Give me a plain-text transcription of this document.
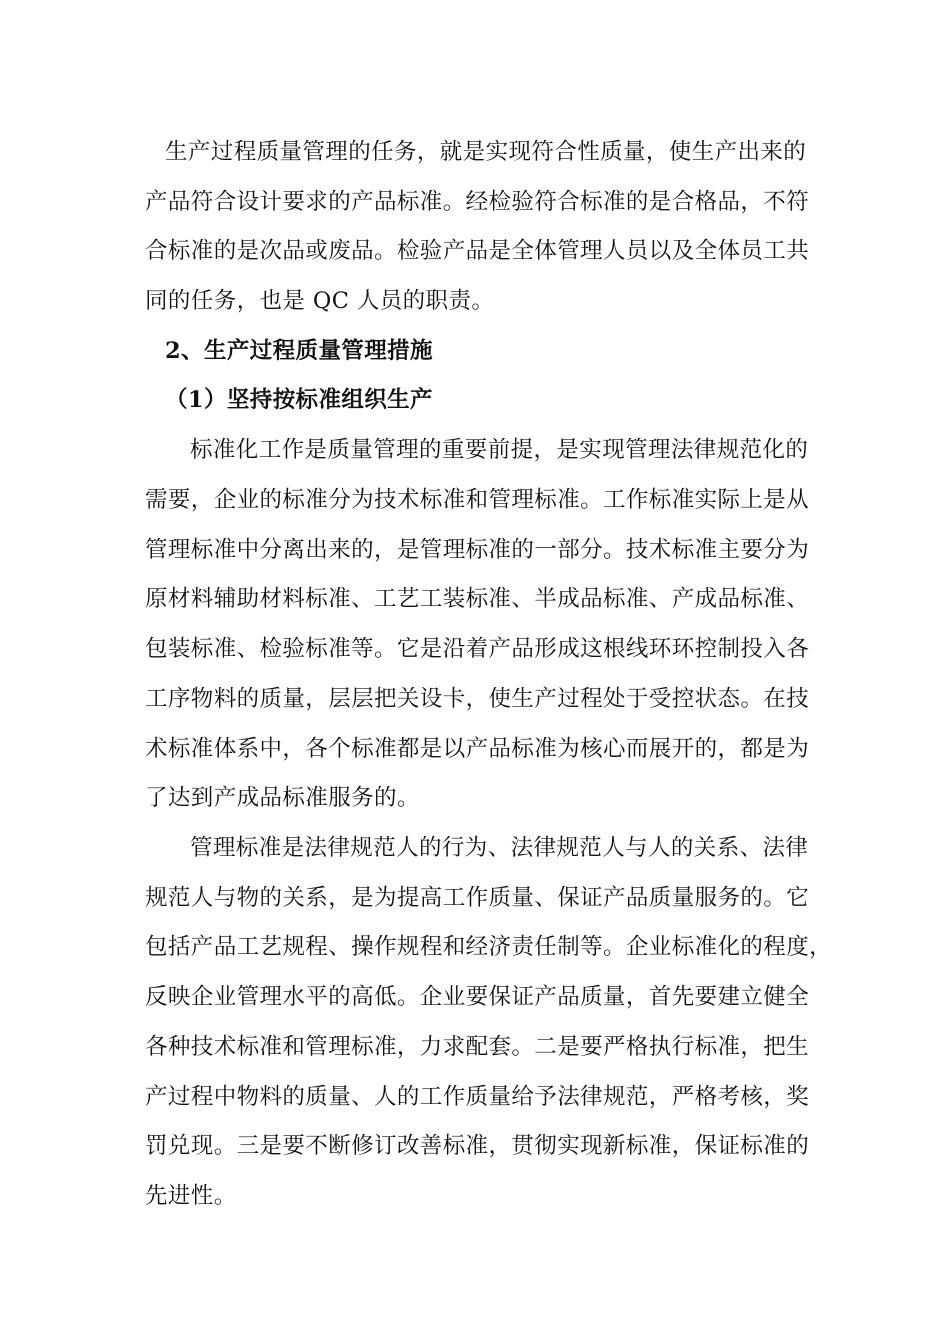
生产过程质量管理的任务，就是实现符合性质量，使生产出来的
产品符合设计要求的产品标准。经检验符合标准的是合格品，不符
合标准的是次品或废品。检验产品是全体管理人员以及全体员工共
同的任务，也是 QC 人员的职责。
2、生产过程质量管理措施
（1）坚持按标准组织生产
标准化工作是质量管理的重要前提，是实现管理法律规范化的
需要，企业的标准分为技术标准和管理标准。工作标准实际上是从
管理标准中分离出来的，是管理标准的一部分。技术标准主要分为
原材料辅助材料标准、工艺工装标准、半成品标准、产成品标准、
包装标准、检验标准等。它是沿着产品形成这根线环环控制投入各
工序物料的质量，层层把关设卡，使生产过程处于受控状态。在技
术标准体系中，各个标准都是以产品标准为核心而展开的，都是为
了达到产成品标准服务的。
管理标准是法律规范人的行为、法律规范人与人的关系、法律
规范人与物的关系，是为提高工作质量、保证产品质量服务的。它
包括产品工艺规程、操作规程和经济责任制等。企业标准化的程度，
反映企业管理水平的高低。企业要保证产品质量，首先要建立健全
各种技术标准和管理标准，力求配套。二是要严格执行标准，把生
产过程中物料的质量、人的工作质量给予法律规范，严格考核，奖
罚兑现。三是要不断修订改善标准，贯彻实现新标准，保证标准的
先进性。
